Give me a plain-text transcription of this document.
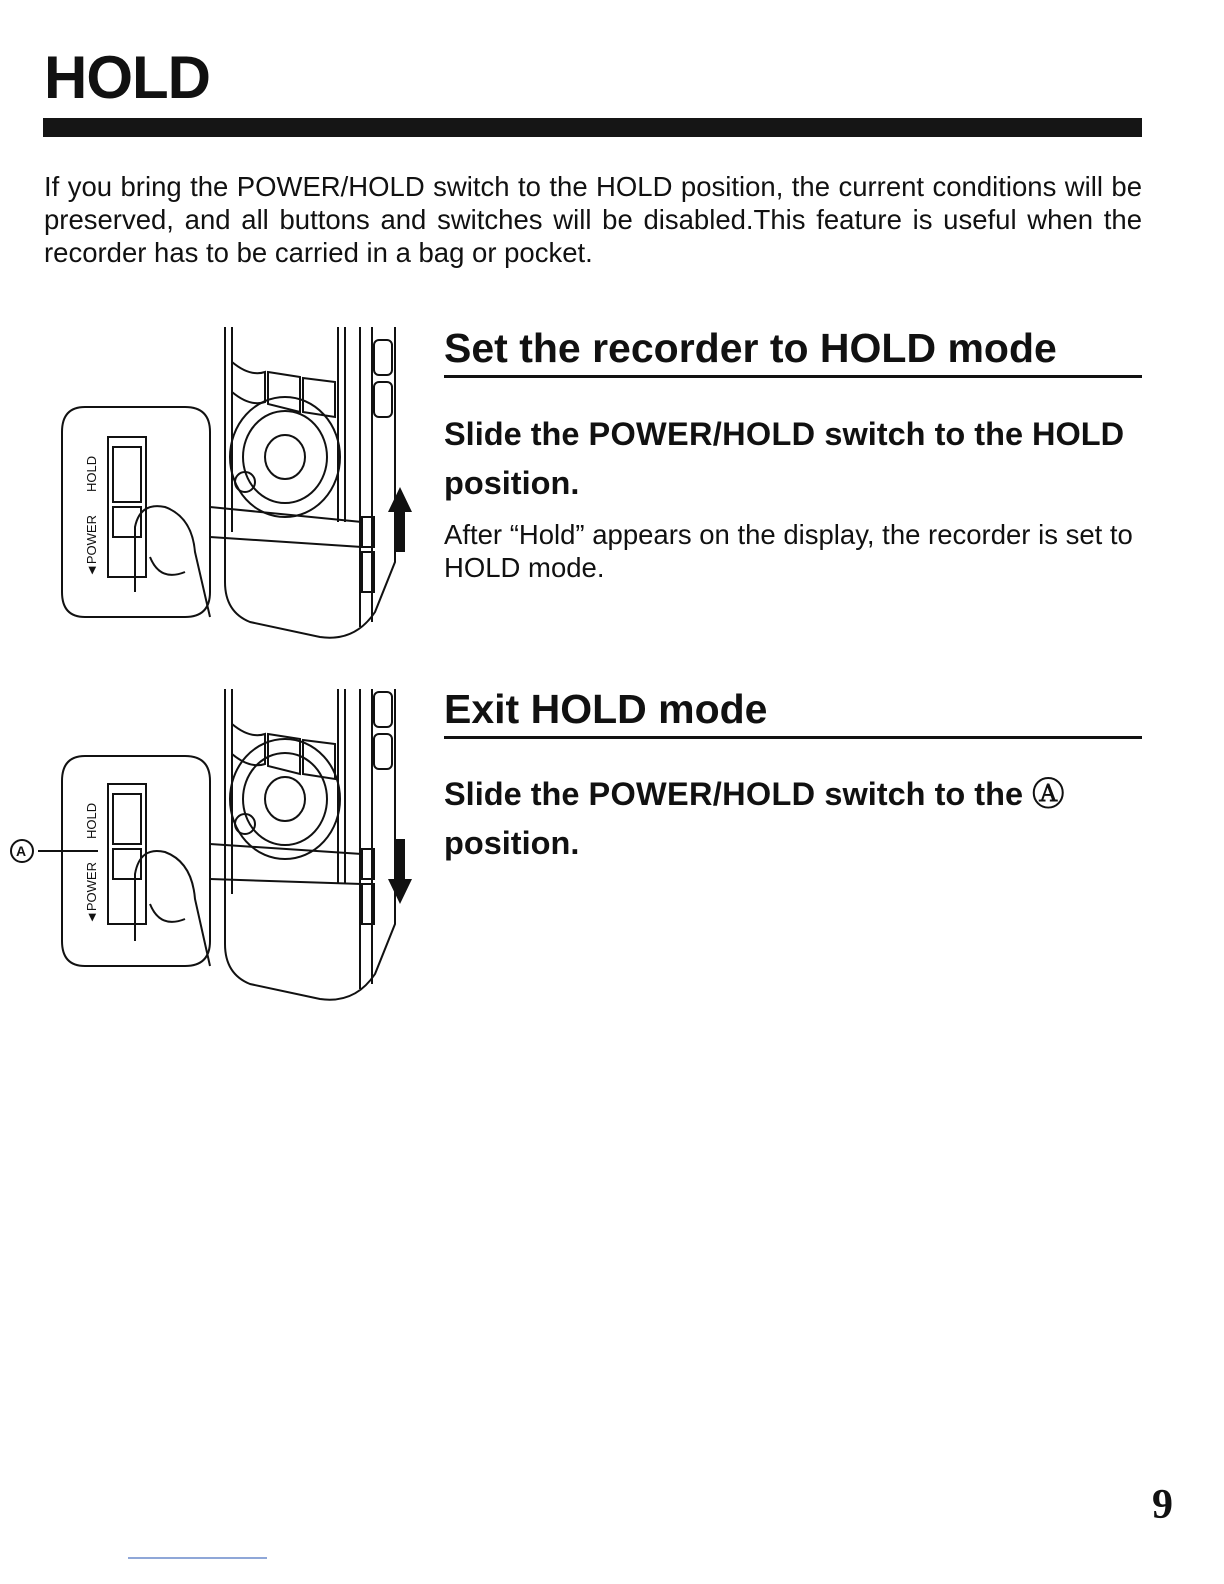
HOLD

If you bring the POWER/HOLD switch to the HOLD position, the current conditions will be preserved, and all buttons and switches will be disabled.This feature is useful when the recorder has to be carried in a bag or pocket.

◄POWER
HOLD
Set the recorder to HOLD mode

Slide the POWER/HOLD switch to the HOLD position.

After “Hold” appears on the display, the recorder is set to HOLD mode.

A
◄POWER
HOLD
Exit HOLD mode

Slide the POWER/HOLD switch to the Ⓐ position.

9
